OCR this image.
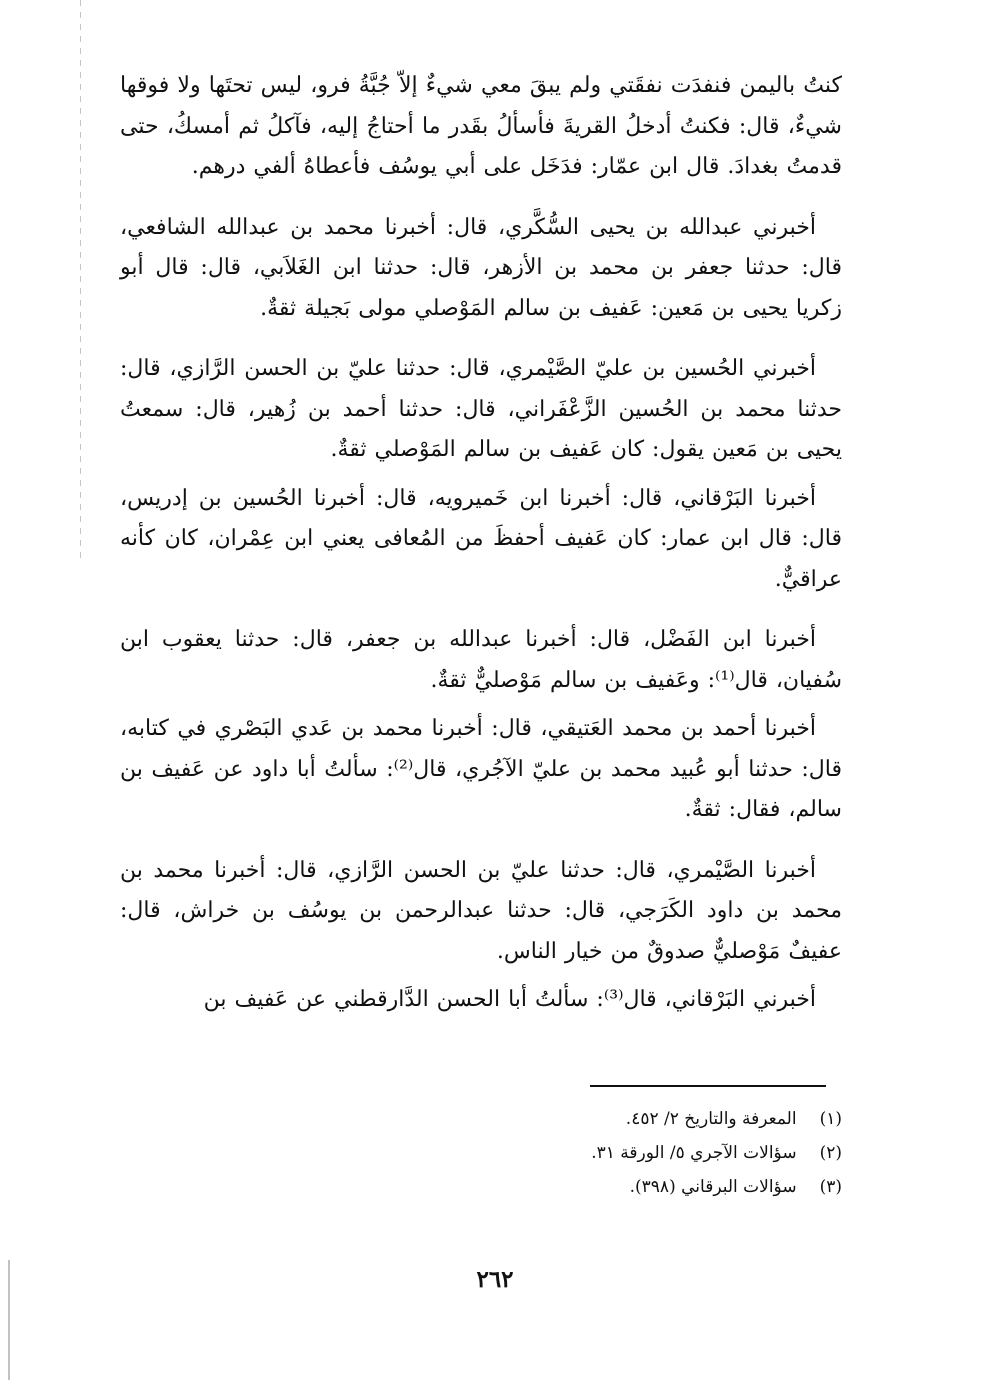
كنتُ باليمن فنفدَت نفقَتي ولم يبقَ معي شيءٌ إلاّ جُبَّةُ فرو، ليس تحتَها ولا فوقها شيءٌ، قال: فكنتُ أدخلُ القريةَ فأسألُ بقَدر ما أحتاجُ إليه، فآكلُ ثم أمسكُ، حتى قدمتُ بغدادَ. قال ابن عمّار: فدَخَل على أبي يوسُف فأعطاهُ ألفي درهم.

أخبرني عبدالله بن يحيى السُّكَّري، قال: أخبرنا محمد بن عبدالله الشافعي، قال: حدثنا جعفر بن محمد بن الأزهر، قال: حدثنا ابن الغَلاَبي، قال: قال أبو زكريا يحيى بن مَعين: عَفيف بن سالم المَوْصلي مولى بَجيلة ثقةٌ.

أخبرني الحُسين بن عليّ الصَّيْمري، قال: حدثنا عليّ بن الحسن الرَّازي، قال: حدثنا محمد بن الحُسين الزَّعْفَراني، قال: حدثنا أحمد بن زُهير، قال: سمعتُ يحيى بن مَعين يقول: كان عَفيف بن سالم المَوْصلي ثقةٌ.

أخبرنا البَرْقاني، قال: أخبرنا ابن خَميرويه، قال: أخبرنا الحُسين بن إدريس، قال: قال ابن عمار: كان عَفيف أحفظَ من المُعافى يعني ابن عِمْران، كان كأنه عراقيٌّ.

أخبرنا ابن الفَضْل، قال: أخبرنا عبدالله بن جعفر، قال: حدثنا يعقوب ابن سُفيان، قال⁽¹⁾: وعَفيف بن سالم مَوْصليٌّ ثقةٌ.

أخبرنا أحمد بن محمد العَتيقي، قال: أخبرنا محمد بن عَدي البَصْري في كتابه، قال: حدثنا أبو عُبيد محمد بن عليّ الآجُري، قال⁽²⁾: سألتُ أبا داود عن عَفيف بن سالم، فقال: ثقةٌ.

أخبرنا الصَّيْمري، قال: حدثنا عليّ بن الحسن الرَّازي، قال: أخبرنا محمد بن محمد بن داود الكَرَجي، قال: حدثنا عبدالرحمن بن يوسُف بن خراش، قال: عفيفٌ مَوْصليٌّ صدوقٌ من خيار الناس.

أخبرني البَرْقاني، قال⁽³⁾: سألتُ أبا الحسن الدَّارقطني عن عَفيف بن

(١) المعرفة والتاريخ ٢/ ٤٥٢.
(٢) سؤالات الآجري ٥/ الورقة ٣١.
(٣) سؤالات البرقاني (٣٩٨).
٢٦٢
